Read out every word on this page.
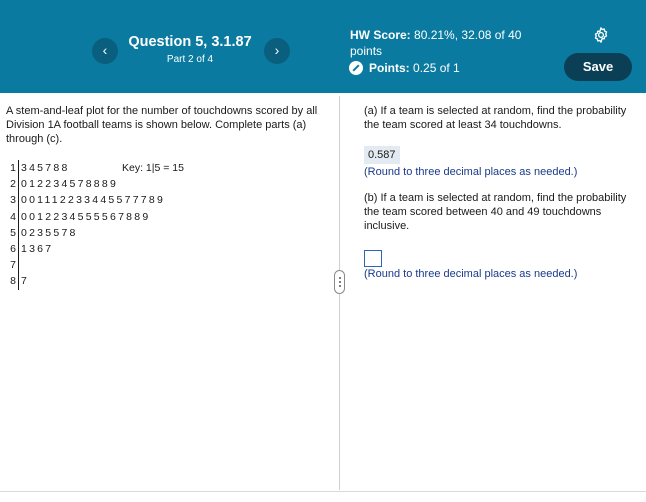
‹	Question 5, 3.1.87
Part 2 of 4
›
HW Score: 80.21%, 32.08 of 40 points
Points: 0.25 of 1	Save
A stem-and-leaf plot for the number of touchdowns scored by all Division 1A football teams is shown below. Complete parts (a) through (c).
1 345788
2 012234578889
3 001112233445577789
4 0012234555567889
5 0235578
6 1367
7
8 7
Key: 1|5 = 15
(a) If a team is selected at random, find the probability the team scored at least 34 touchdowns.
0.587
(Round to three decimal places as needed.)
(b) If a team is selected at random, find the probability the team scored between 40 and 49 touchdowns inclusive.
(Round to three decimal places as needed.)
